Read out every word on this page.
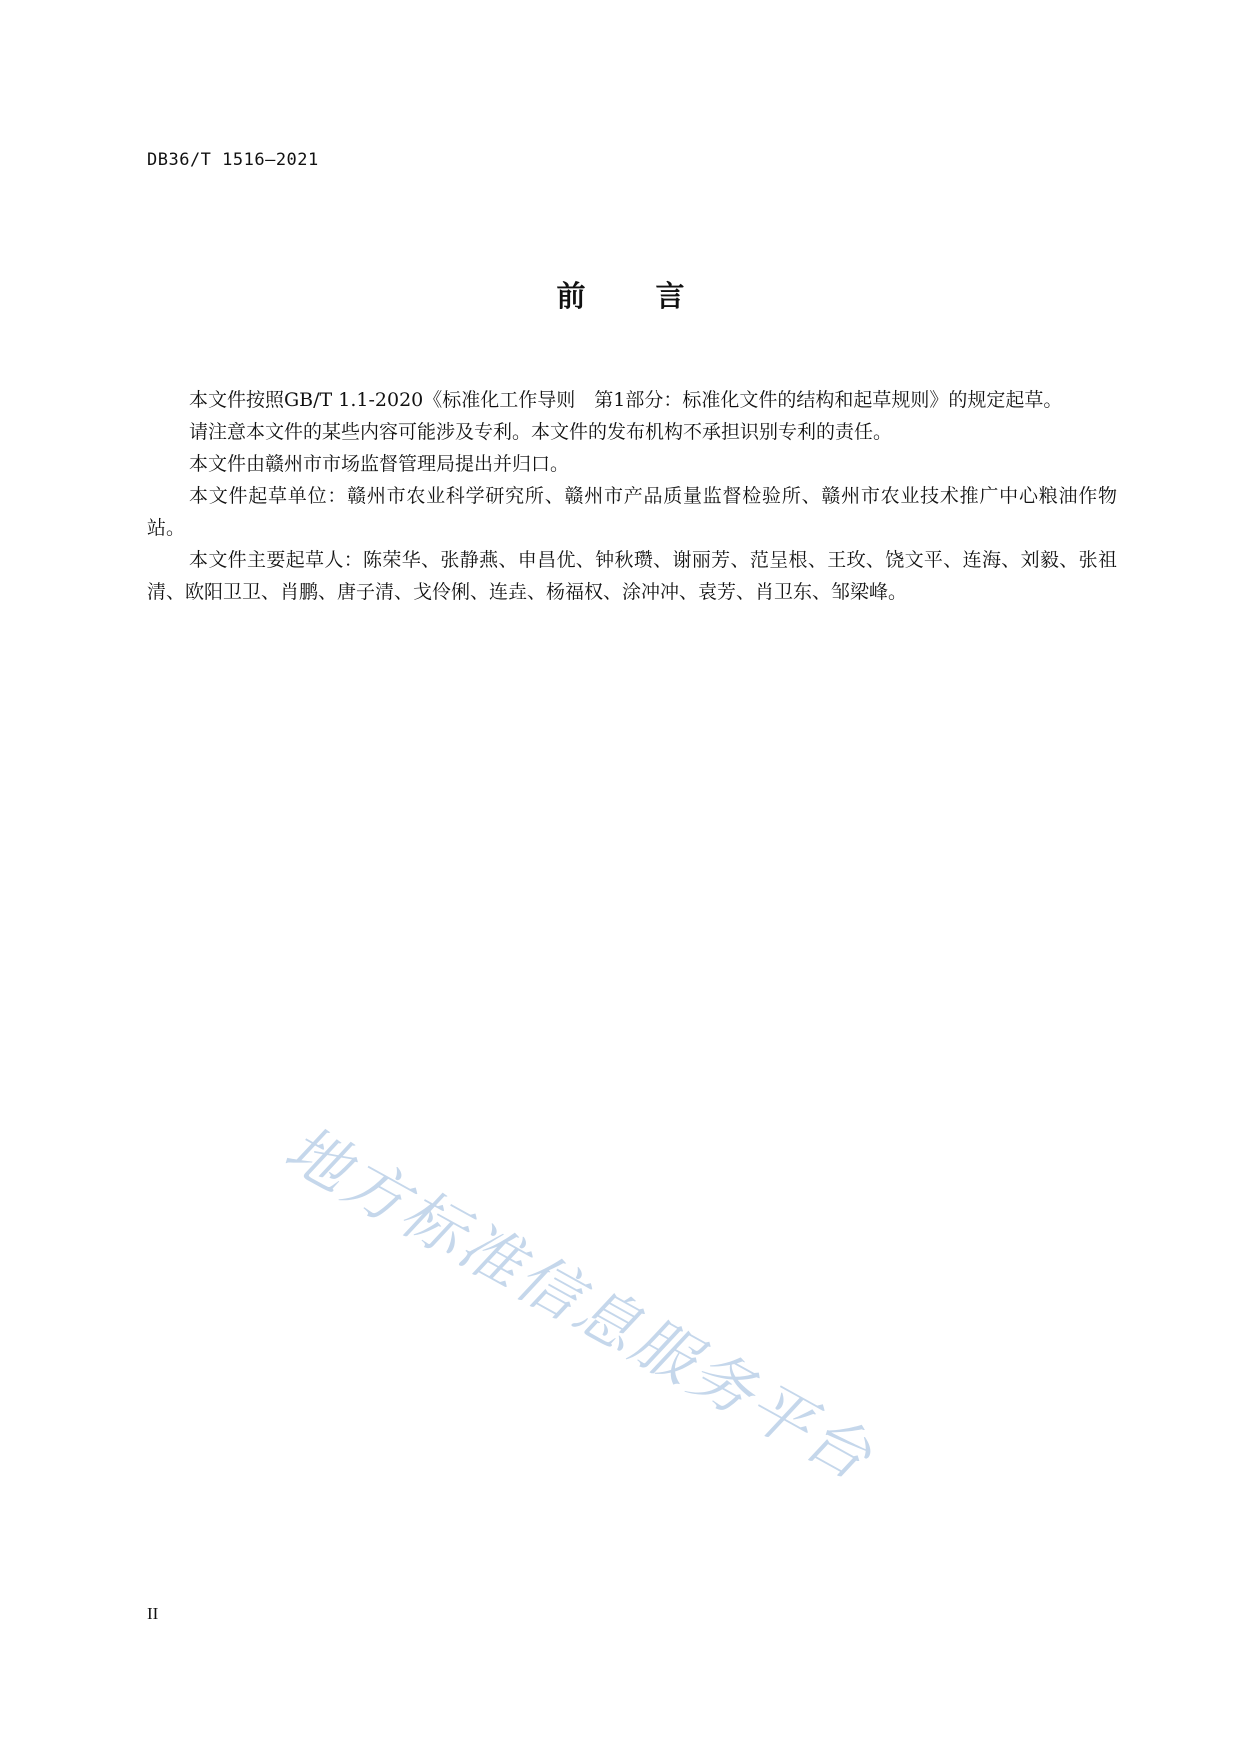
DB36/T 1516—2021
前 言

本文件按照GB/T 1.1-2020《标准化工作导则　第1部分：标准化文件的结构和起草规则》的规定起草。

请注意本文件的某些内容可能涉及专利。本文件的发布机构不承担识别专利的责任。

本文件由赣州市市场监督管理局提出并归口。

本文件起草单位：赣州市农业科学研究所、赣州市产品质量监督检验所、赣州市农业技术推广中心粮油作物站。

本文件主要起草人：陈荣华、张静燕、申昌优、钟秋瓒、谢丽芳、范呈根、王玫、饶文平、连海、刘毅、张祖清、欧阳卫卫、肖鹏、唐子清、戈伶俐、连垚、杨福权、涂冲冲、袁芳、肖卫东、邹梁峰。

地方标准信息服务平台
II
